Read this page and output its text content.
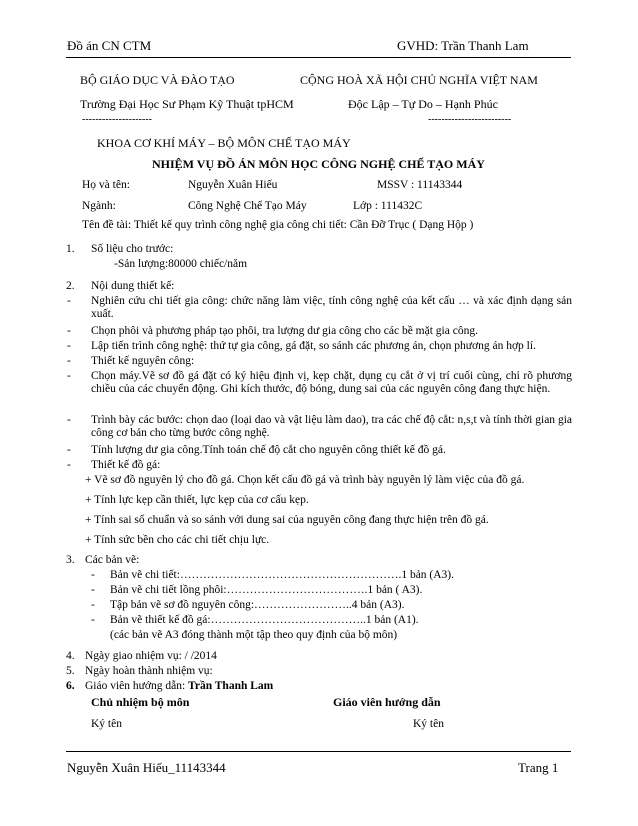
Đồ án CN CTM	GVHD: Trần Thanh Lam
BỘ GIÁO DỤC VÀ ĐÀO TẠO	CỘNG HOÀ XÃ HỘI CHỦ NGHĨA VIỆT NAM
Trường Đại Học Sư Phạm Kỹ Thuật tpHCM	Độc Lập – Tự Do – Hạnh Phúc
---------------------	-------------------------
KHOA CƠ KHÍ MÁY – BỘ MÔN CHẾ TẠO MÁY
NHIỆM VỤ ĐỒ ÁN MÔN HỌC CÔNG NGHỆ CHẾ TẠO MÁY
Họ và tên:	Nguyễn Xuân Hiếu	MSSV : 11143344
Ngành:	Công Nghệ Chế Tạo Máy	Lớp : 111432C
Tên đề tài: Thiết kế quy trình công nghệ gia công chi tiết: Cần Đỡ Trục ( Dạng Hộp )
1. Số liệu cho trước:
-Sản lượng:80000 chiếc/năm
2. Nội dung thiết kế:
- Nghiên cứu chi tiết gia công: chức năng làm việc, tính công nghệ của kết cấu … và xác định dạng sản xuất.
- Chọn phôi và phương pháp tạo phôi, tra lượng dư gia công cho các bề mặt gia công.
- Lập tiến trình công nghệ: thứ tự gia công, gá đặt, so sánh các phương án, chọn phương án hợp lí.
- Thiết kế nguyên công:
- Chọn máy.Vẽ sơ đồ gá đặt có ký hiệu định vị, kẹp chặt, dụng cụ cắt ở vị trí cuối cùng, chỉ rõ phương chiều của các chuyển động. Ghi kích thước, độ bóng, dung sai của các nguyên công đang thực hiện.
- Trình bày các bước: chọn dao (loại dao và vật liệu làm dao), tra các chế độ cắt: n,s,t và tính thời gian gia công cơ bản cho từng bước công nghệ.
- Tính lượng dư gia công.Tính toán chế độ cắt cho nguyên công thiết kế đồ gá.
- Thiết kế đồ gá:
+ Vẽ sơ đồ nguyên lý cho đồ gá. Chọn kết cấu đồ gá và trình bày nguyên lý làm việc của đồ gá.
+ Tính lực kẹp cần thiết, lực kẹp của cơ cấu kẹp.
+ Tính sai số chuẩn và so sánh với dung sai của nguyên công đang thực hiện trên đồ gá.
+ Tính sức bền cho các chi tiết chịu lực.
3. Các bản vẽ:
- Bản vẽ chi tiết:………………………………………………….1 bản (A3).
- Bản vẽ chi tiết lồng phôi:……………………………….1 bản ( A3).
- Tập bản vẽ sơ đồ nguyên công:……………………..4 bản (A3).
- Bản vẽ thiết kế đồ gá:…………………………………..1 bản (A1).
(các bản vẽ A3 đóng thành một tập theo quy định của bộ môn)
4. Ngày giao nhiệm vụ: / /2014
5. Ngày hoàn thành nhiệm vụ:
6. Giáo viên hướng dẫn: Trần Thanh Lam
Chủ nhiệm bộ môn	Giáo viên hướng dẫn
Ký tên	Ký tên
Nguyễn Xuân Hiếu_11143344	Trang 1
